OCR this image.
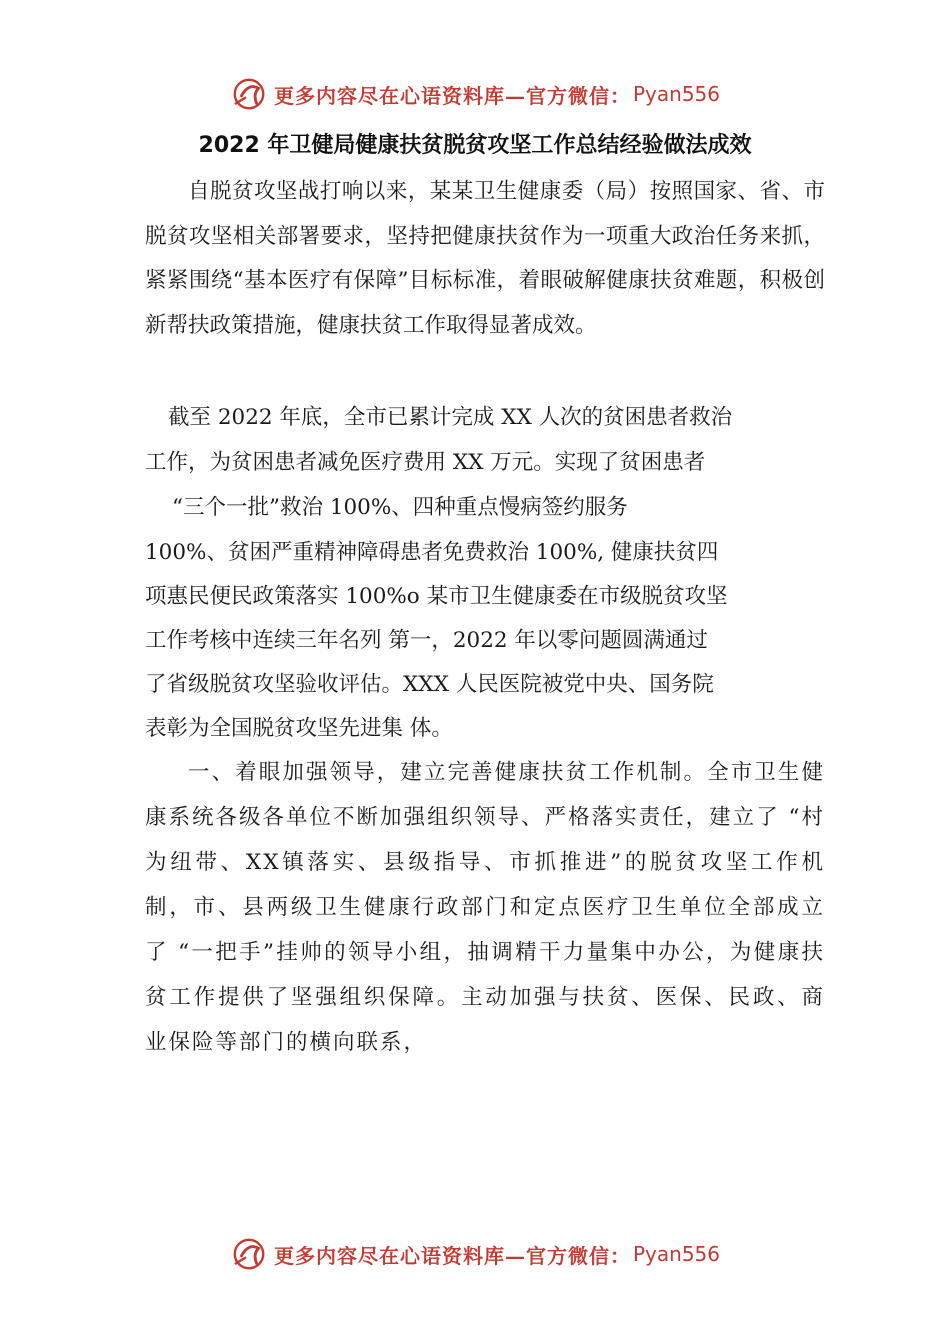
更多内容尽在心语资料库—官方微信： Pyan556
2022 年卫健局健康扶贫脱贫攻坚工作总结经验做法成效
自脱贫攻坚战打响以来，某某卫生健康委（局）按照国家、省、市脱贫攻坚相关部署要求，坚持把健康扶贫作为一项重大政治任务来抓，紧紧围绕“基本医疗有保障”目标标准，着眼破解健康扶贫难题，积极创新帮扶政策措施，健康扶贫工作取得显著成效。
截至 2022 年底，全市已累计完成 XX 人次的贫困患者救治
工作，为贫困患者减免医疗费用 XX 万元。实现了贫困患者
“三个一批”救治 100%、四种重点慢病签约服务
100%、贫困严重精神障碍患者免费救治 100%, 健康扶贫四
项惠民便民政策落实 100%o 某市卫生健康委在市级脱贫攻坚
工作考核中连续三年名列 第一，2022 年以零问题圆满通过
了省级脱贫攻坚验收评估。XXX 人民医院被党中央、国务院
表彰为全国脱贫攻坚先进集 体。
一、着眼加强领导，建立完善健康扶贫工作机制。全市卫生健康系统各级各单位不断加强组织领导、严格落实责任，建立了 “村为纽带、XX镇落实、县级指导、市抓推进”的脱贫攻坚工作机制，市、县两级卫生健康行政部门和定点医疗卫生单位全部成立了 “一把手”挂帅的领导小组，抽调精干力量集中办公，为健康扶贫工作提供了坚强组织保障。主动加强与扶贫、医保、民政、商业保险等部门的横向联系，
更多内容尽在心语资料库—官方微信： Pyan556
